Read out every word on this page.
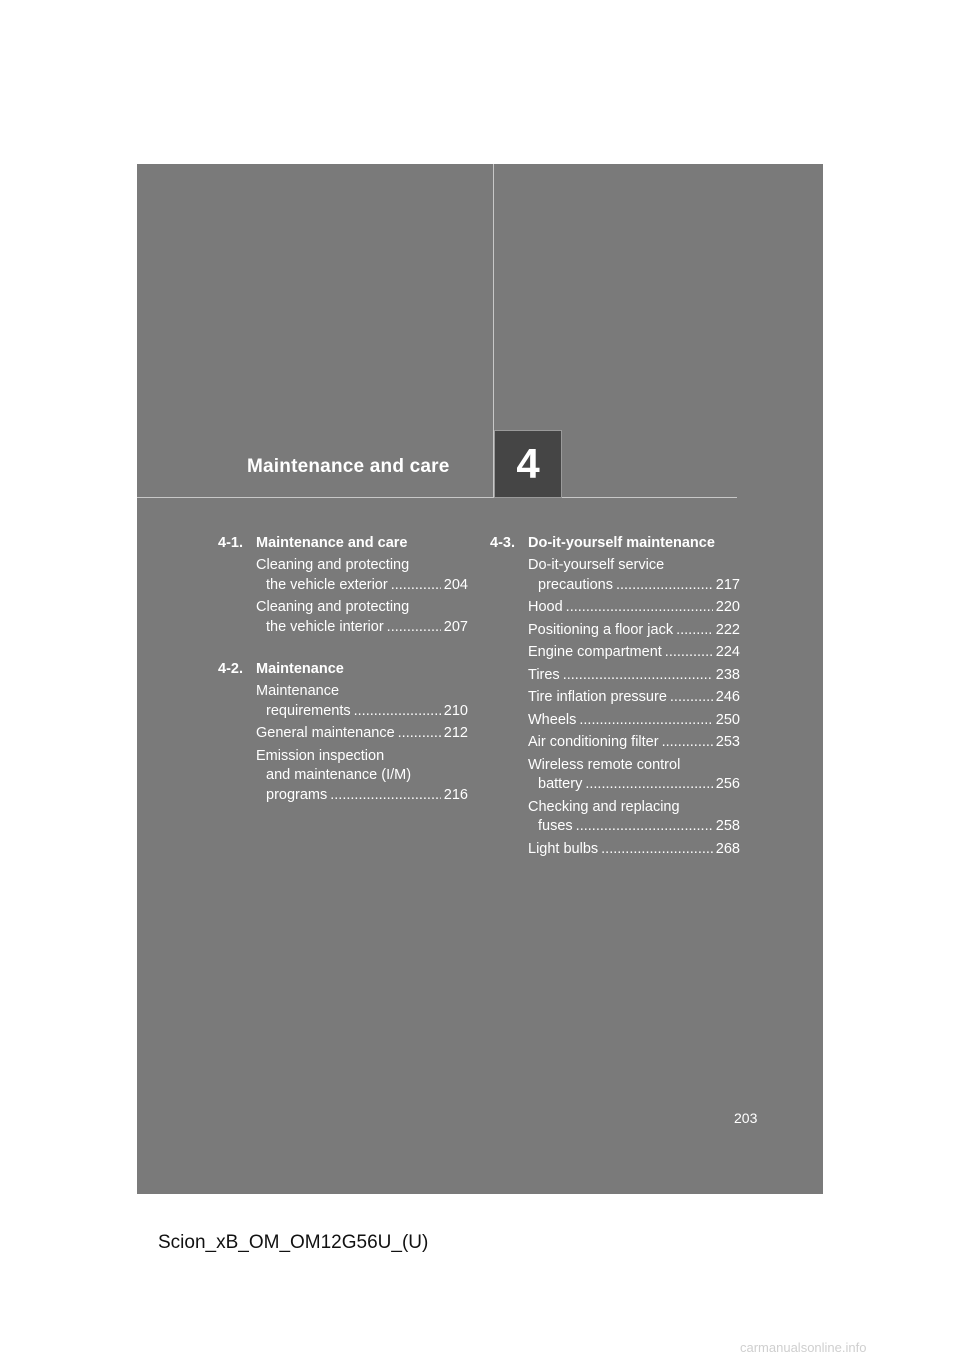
Maintenance and care 4
4-1. Maintenance and care
Cleaning and protecting
the vehicle exterior .....	204
Cleaning and protecting
the vehicle interior .....	207
4-2. Maintenance
Maintenance
requirements .....	210
General maintenance .....	212
Emission inspection
and maintenance (I/M)
programs .....	216
4-3. Do-it-yourself maintenance
Do-it-yourself service
precautions .....	217
Hood .....	220
Positioning a floor jack .....	222
Engine compartment .....	224
Tires .....	238
Tire inflation pressure .....	246
Wheels .....	250
Air conditioning filter .....	253
Wireless remote control
battery .....	256
Checking and replacing
fuses .....	258
Light bulbs .....	268
203
Scion_xB_OM_OM12G56U_(U)
carmanualsonline.info
